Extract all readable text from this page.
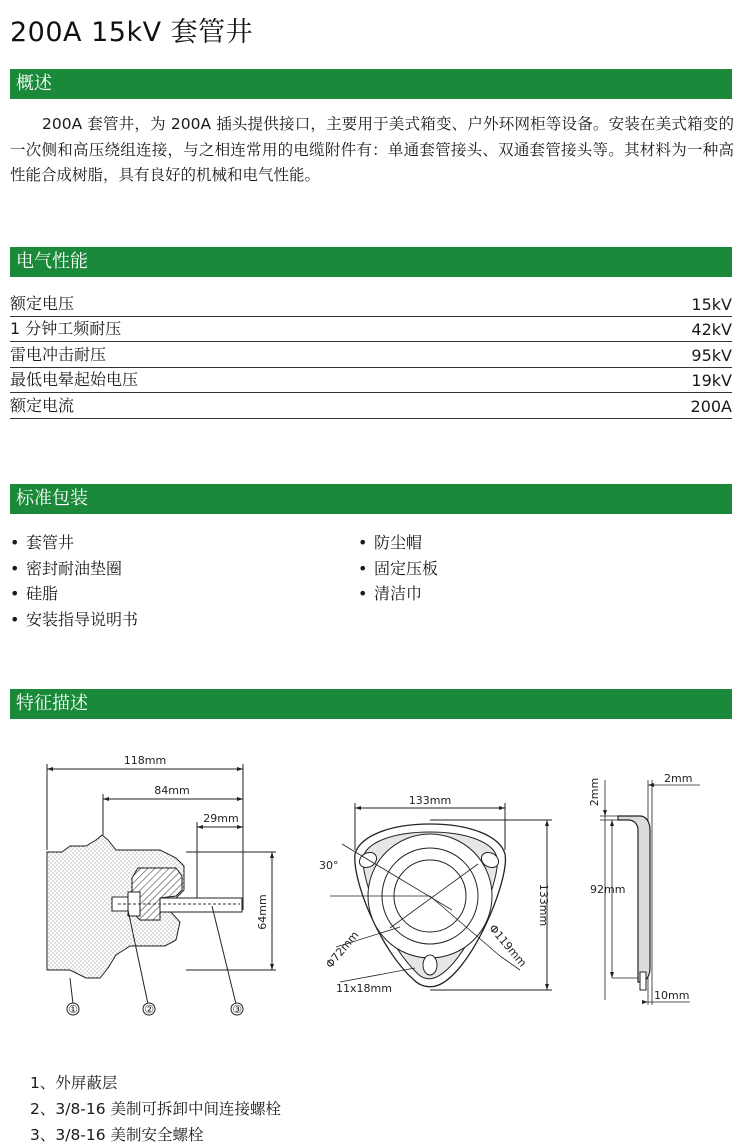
200A 15kV 套管井
概述

200A 套管井，为 200A 插头提供接口，主要用于美式箱变、户外环网柜等设备。安装在美式箱变的一次侧和高压绕组连接，与之相连常用的电缆附件有：单通套管接头、双通套管接头等。其材料为一种高性能合成树脂，具有良好的机械和电气性能。

电气性能
额定电压	15kV
1 分钟工频耐压	42kV
雷电冲击耐压	95kV
最低电晕起始电压	19kV
额定电流	200A
标准包装
• 套管井
• 密封耐油垫圈
• 硅脂
• 安装指导说明书
• 防尘帽
• 固定压板
• 清洁巾
特征描述
118mm
84mm
29mm
64mm
①	②	③
133mm
133mm
30°
Φ72mm	Φ119mm
11x18mm
2mm	2mm
92mm
10mm
1、外屏蔽层
2、3/8-16 美制可拆卸中间连接螺栓
3、3/8-16 美制安全螺栓
